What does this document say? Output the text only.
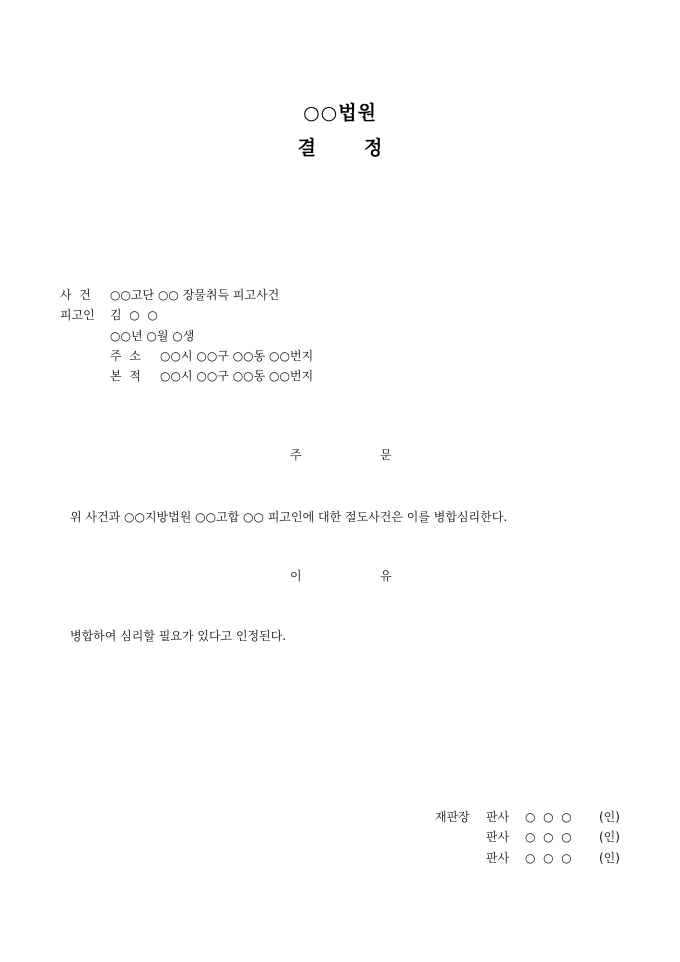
○○법원
결	정
사  건 ○○고단 ○○ 장물취득 피고사건
피고인 김  ○  ○
○○년 ○월 ○생
주  소 ○○시 ○○구 ○○동 ○○번지
본  적 ○○시 ○○구 ○○동 ○○번지
주	문
위 사건과 ○○지방법원 ○○고합 ○○ 피고인에 대한 절도사건은 이를 병합심리한다.
이	유
병합하여 심리할 필요가 있다고 인정된다.
재판장 판사 ○  ○  ○ (인)
판사 ○  ○  ○ (인)
판사 ○  ○  ○ (인)
